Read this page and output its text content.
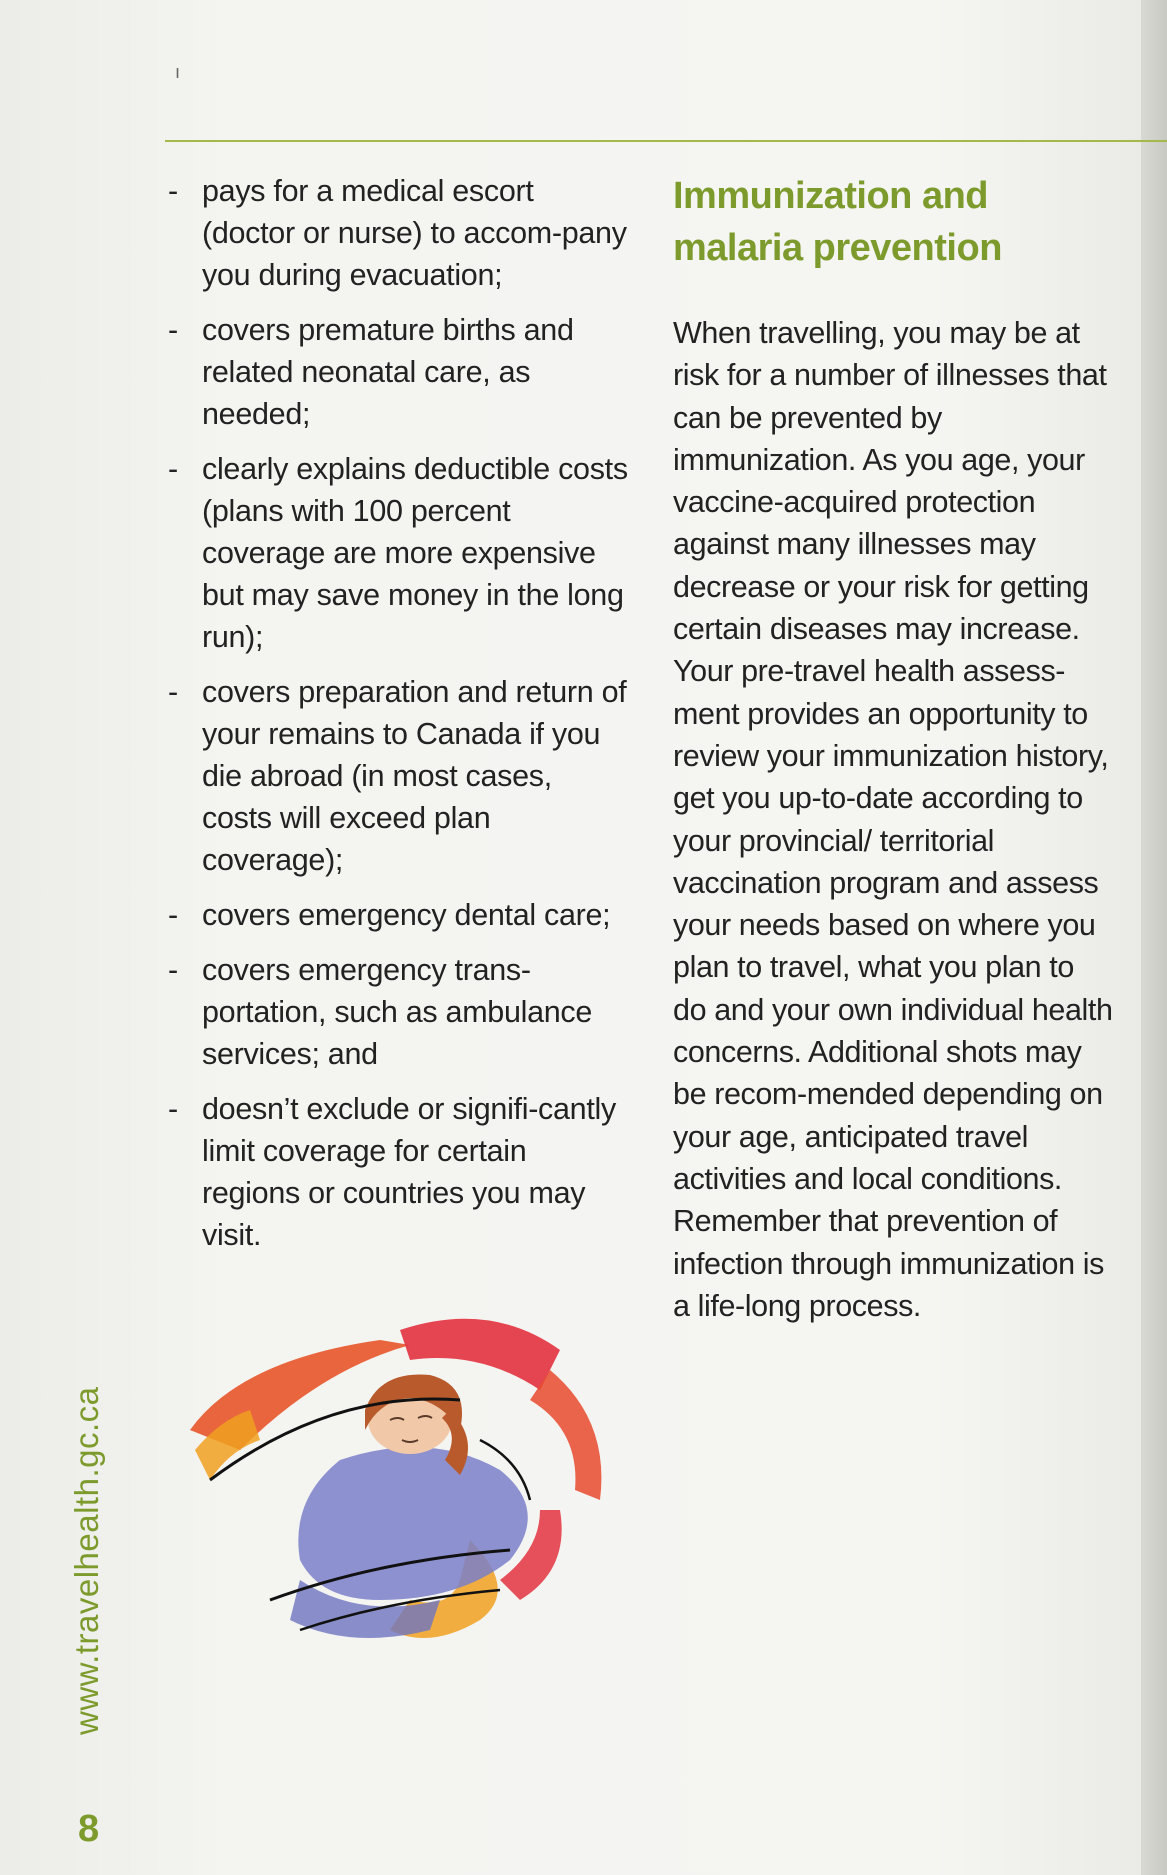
ı
- pays for a medical escort (doctor or nurse) to accom-pany you during evacuation;
- covers premature births and related neonatal care, as needed;
- clearly explains deductible costs (plans with 100 percent coverage are more expensive but may save money in the long run);
- covers preparation and return of your remains to Canada if you die abroad (in most cases, costs will exceed plan coverage);
- covers emergency dental care;
- covers emergency trans-portation, such as ambulance services; and
- doesn’t exclude or signifi-cantly limit coverage for certain regions or countries you may visit.
Immunization and
malaria prevention

When travelling, you may be at risk for a number of illnesses that can be prevented by immunization. As you age, your vaccine-acquired protection against many illnesses may decrease or your risk for getting certain diseases may increase. Your pre-travel health assess-ment provides an opportunity to review your immunization history, get you up-to-date according to your provincial/ territorial vaccination program and assess your needs based on where you plan to travel, what you plan to do and your own individual health concerns. Additional shots may be recom-mended depending on your age, anticipated travel activities and local conditions. Remember that prevention of infection through immunization is a life-long process.

www.travelhealth.gc.ca
8
